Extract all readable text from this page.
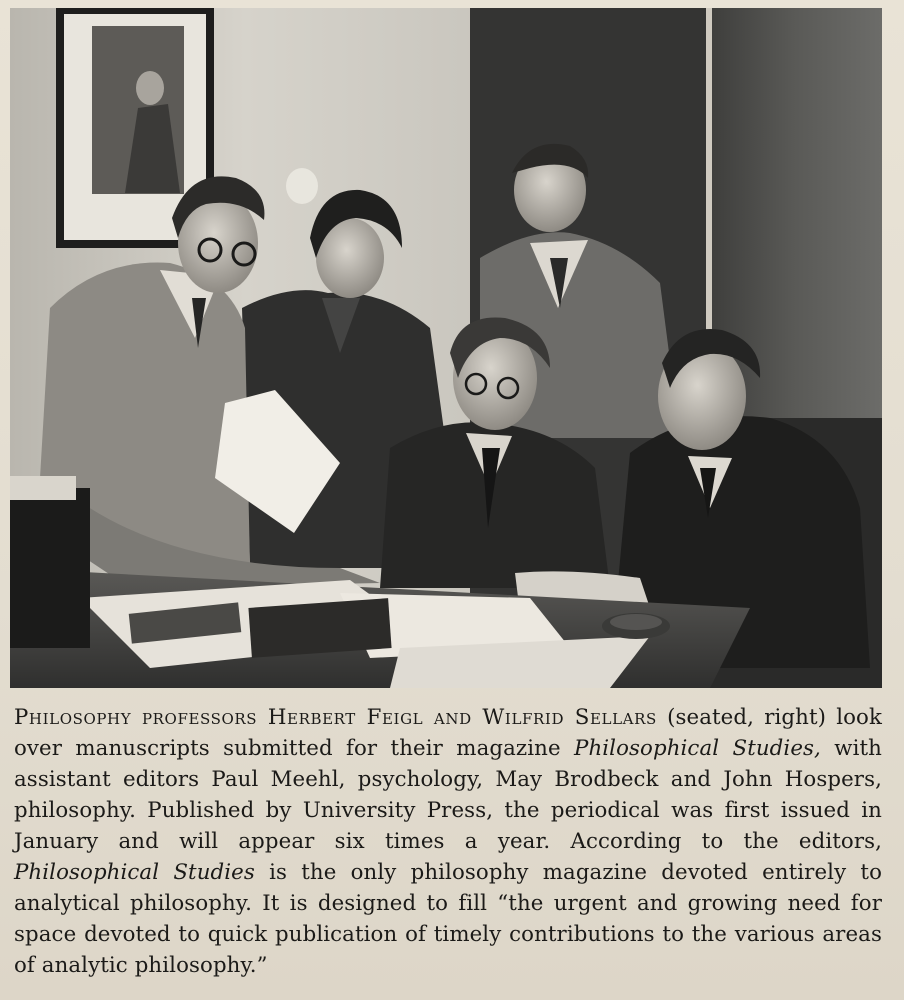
Philosophy professors Herbert Feigl and Wilfrid Sellars (seated, right) look over manuscripts submitted for their magazine Philosophical Studies, with assistant editors Paul Meehl, psychology, May Brodbeck and John Hospers, philosophy. Published by University Press, the periodical was first issued in January and will appear six times a year. According to the editors, Philosophical Studies is the only philosophy magazine devoted entirely to analytical philosophy. It is designed to fill “the urgent and growing need for space devoted to quick publication of timely contributions to the various areas of analytic philosophy.”
